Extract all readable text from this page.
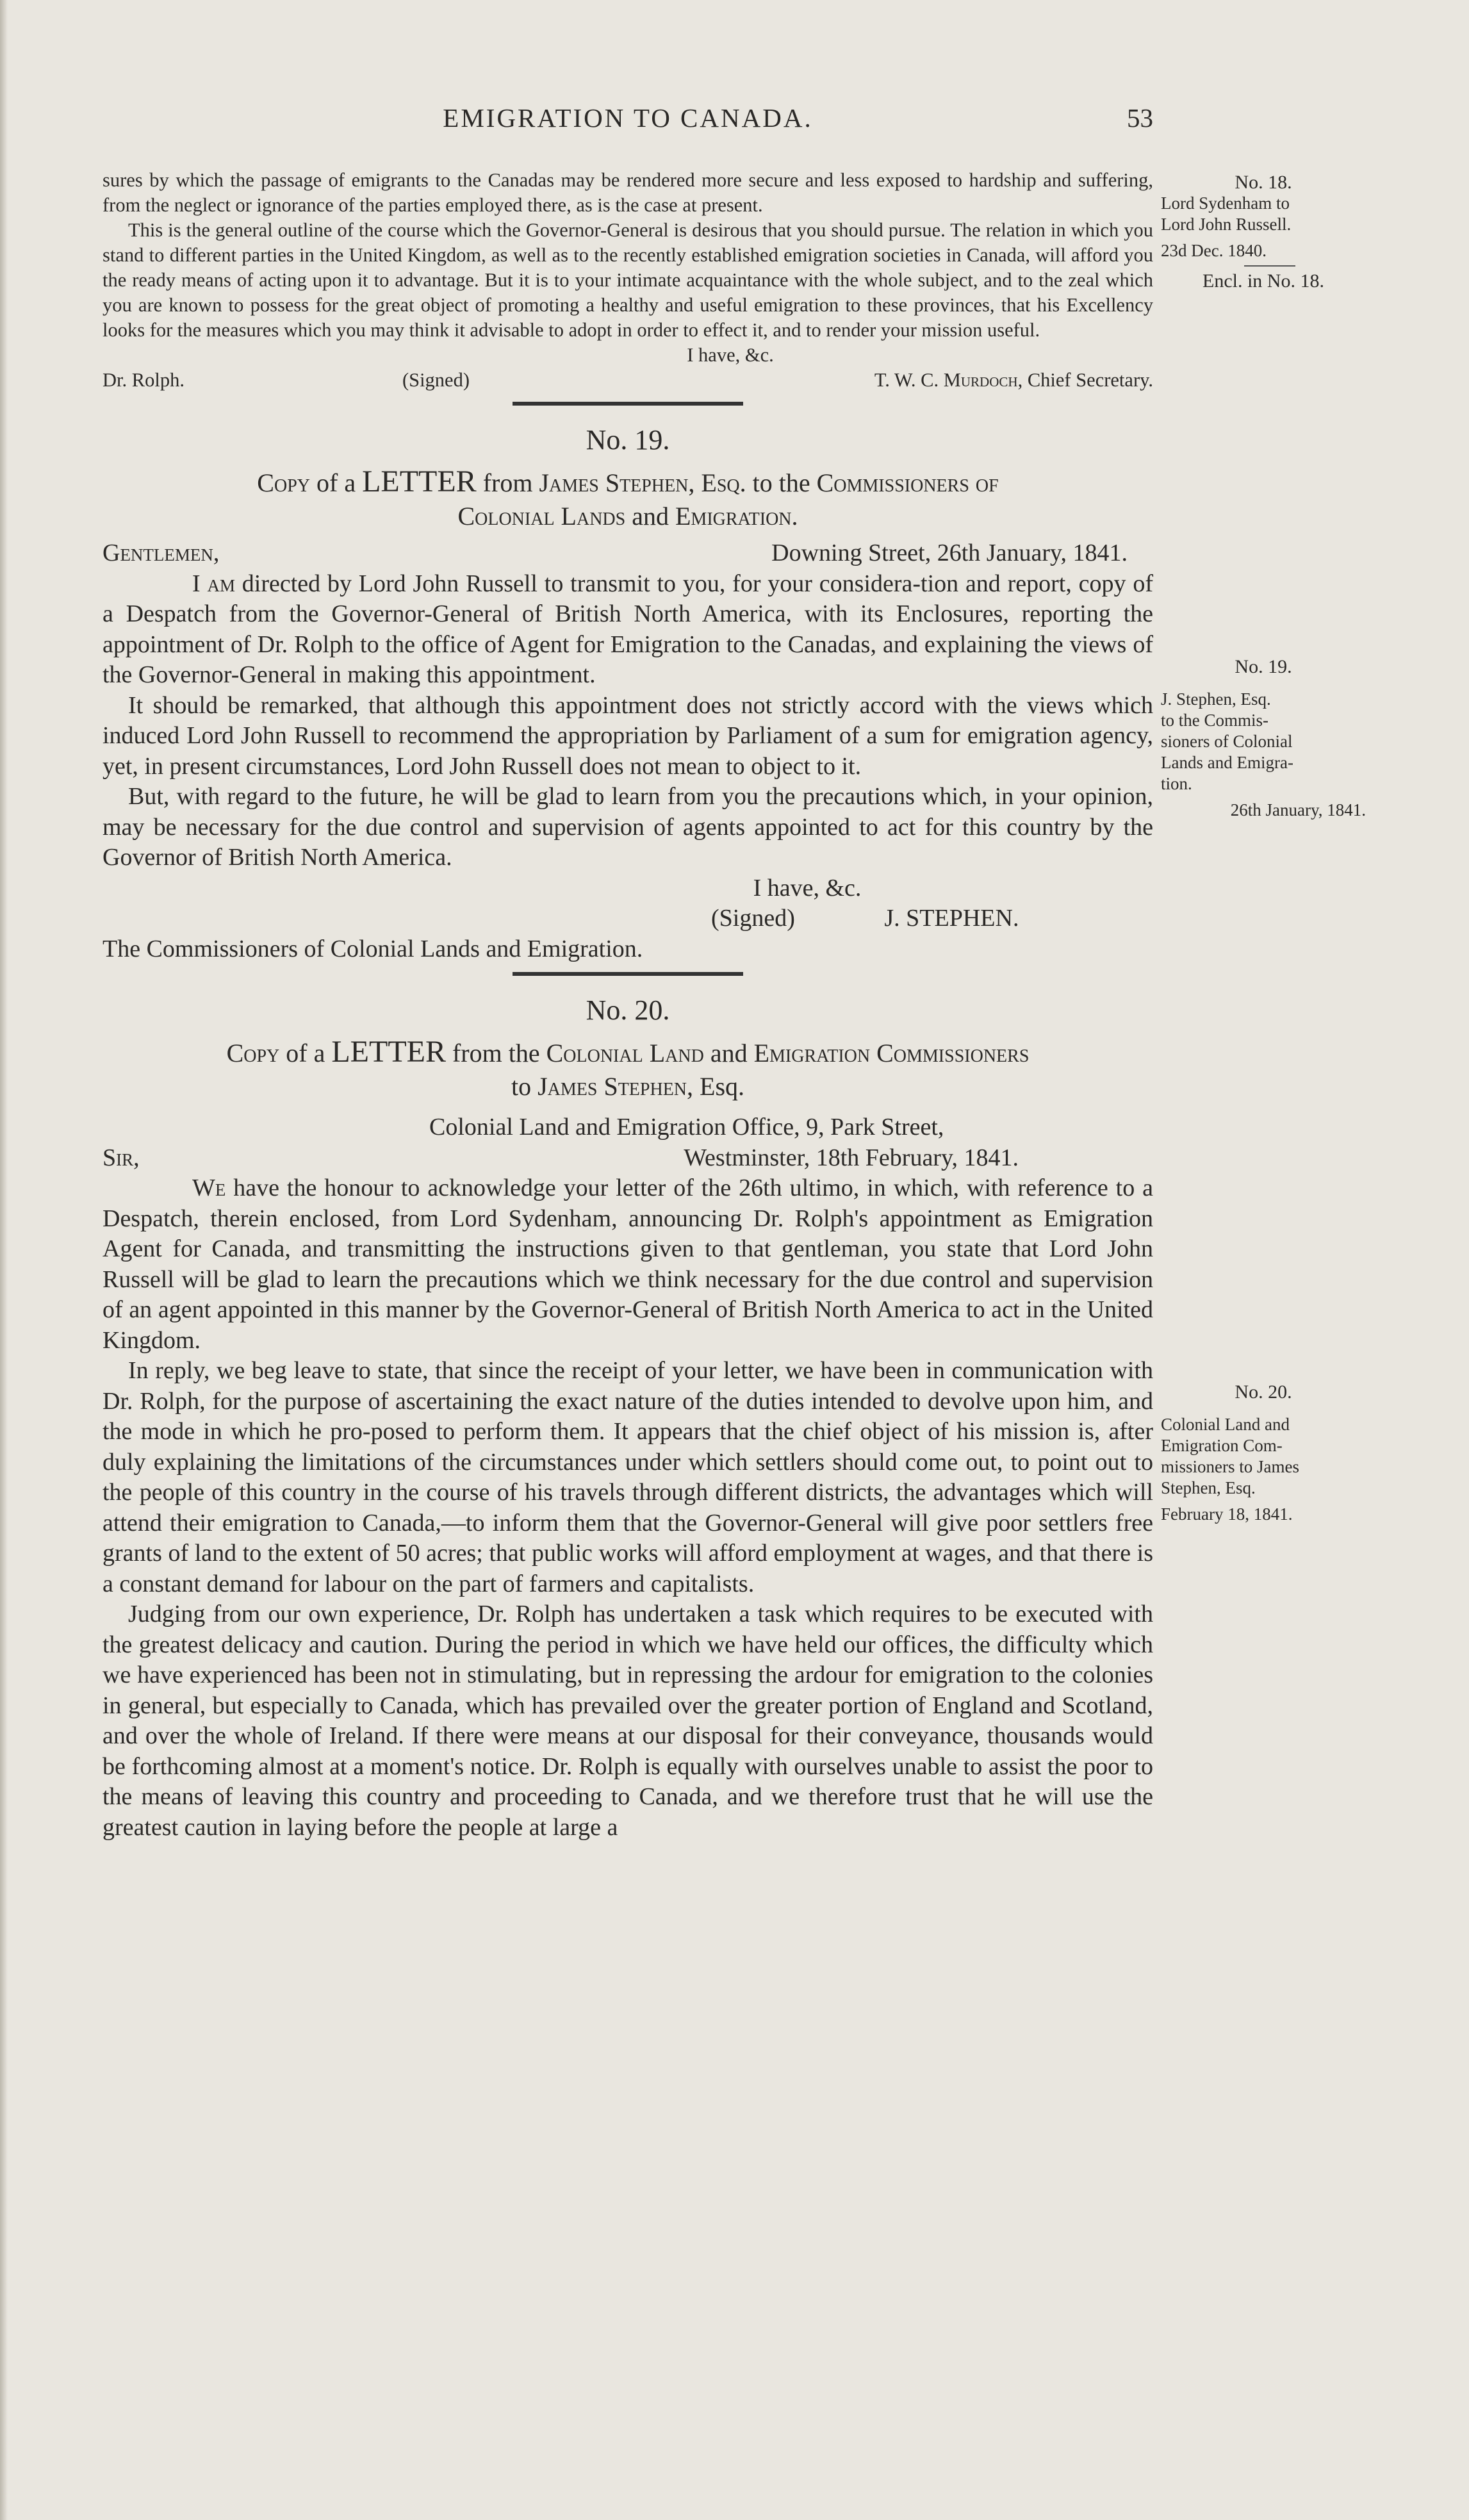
EMIGRATION TO CANADA.	53
No. 18.
Lord Sydenham to
Lord John Russell.
23d Dec. 1840.
Encl. in No. 18.
No. 19.
J. Stephen, Esq.
to the Commis-
sioners of Colonial
Lands and Emigra-
tion.
26th January, 1841.
No. 20.
Colonial Land and
Emigration Com-
missioners to James
Stephen, Esq.
February 18, 1841.

sures by which the passage of emigrants to the Canadas may be rendered more secure and less exposed to hardship and suffering, from the neglect or ignorance of the parties employed there, as is the case at present.

This is the general outline of the course which the Governor-General is desirous that you should pursue. The relation in which you stand to different parties in the United Kingdom, as well as to the recently established emigration societies in Canada, will afford you the ready means of acting upon it to advantage. But it is to your intimate acquaintance with the whole subject, and to the zeal which you are known to possess for the great object of promoting a healthy and useful emigration to these provinces, that his Excellency looks for the measures which you may think it advisable to adopt in order to effect it, and to render your mission useful.

I have, &c.

Dr. Rolph.	(Signed)	T. W. C. Murdoch, Chief Secretary.
No. 19.
Copy of a LETTER from James Stephen, Esq. to the Commissioners of
Colonial Lands and Emigration.
Gentlemen,	Downing Street, 26th January, 1841.

I am directed by Lord John Russell to transmit to you, for your considera-tion and report, copy of a Despatch from the Governor-General of British North America, with its Enclosures, reporting the appointment of Dr. Rolph to the office of Agent for Emigration to the Canadas, and explaining the views of the Governor-General in making this appointment.

It should be remarked, that although this appointment does not strictly accord with the views which induced Lord John Russell to recommend the appropriation by Parliament of a sum for emigration agency, yet, in present circumstances, Lord John Russell does not mean to object to it.

But, with regard to the future, he will be glad to learn from you the precautions which, in your opinion, may be necessary for the due control and supervision of agents appointed to act for this country by the Governor of British North America.

I have, &c.

(Signed)	J. STEPHEN.

The Commissioners of Colonial Lands and Emigration.

No. 20.
Copy of a LETTER from the Colonial Land and Emigration Commissioners
to James Stephen, Esq.
Colonial Land and Emigration Office, 9, Park Street,
Sir,	Westminster, 18th February, 1841.

We have the honour to acknowledge your letter of the 26th ultimo, in which, with reference to a Despatch, therein enclosed, from Lord Sydenham, announcing Dr. Rolph's appointment as Emigration Agent for Canada, and transmitting the instructions given to that gentleman, you state that Lord John Russell will be glad to learn the precautions which we think necessary for the due control and supervision of an agent appointed in this manner by the Governor-General of British North America to act in the United Kingdom.

In reply, we beg leave to state, that since the receipt of your letter, we have been in communication with Dr. Rolph, for the purpose of ascertaining the exact nature of the duties intended to devolve upon him, and the mode in which he pro-posed to perform them. It appears that the chief object of his mission is, after duly explaining the limitations of the circumstances under which settlers should come out, to point out to the people of this country in the course of his travels through different districts, the advantages which will attend their emigration to Canada,—to inform them that the Governor-General will give poor settlers free grants of land to the extent of 50 acres; that public works will afford employment at wages, and that there is a constant demand for labour on the part of farmers and capitalists.

Judging from our own experience, Dr. Rolph has undertaken a task which requires to be executed with the greatest delicacy and caution. During the period in which we have held our offices, the difficulty which we have experienced has been not in stimulating, but in repressing the ardour for emigration to the colonies in general, but especially to Canada, which has prevailed over the greater portion of England and Scotland, and over the whole of Ireland. If there were means at our disposal for their conveyance, thousands would be forthcoming almost at a moment's notice. Dr. Rolph is equally with ourselves unable to assist the poor to the means of leaving this country and proceeding to Canada, and we therefore trust that he will use the greatest caution in laying before the people at large a
